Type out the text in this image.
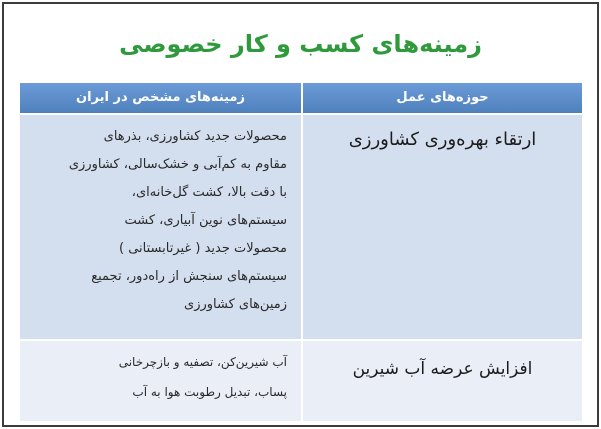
زمینه‌های کسب و کار خصوصی
حوزه‌های عمل
زمینه‌های مشخص در ایران
ارتقاء بهره‌وری کشاورزی
محصولات جدید کشاورزی، بذرهای
مقاوم به کم‌آبی و خشک‌سالی، کشاورزی
با دقت بالا، کشت گل‌خانه‌ای،
سیستم‌های نوین آبیاری، کشت
محصولات جدید ( غیرتابستانی )
سیستم‌های سنجش از راه‌دور، تجمیع
زمین‌های کشاورزی
افزایش عرضه آب شیرین
آب شیرین‌کن، تصفیه و بازچرخانی
پساب، تبدیل رطوبت هوا به آب
